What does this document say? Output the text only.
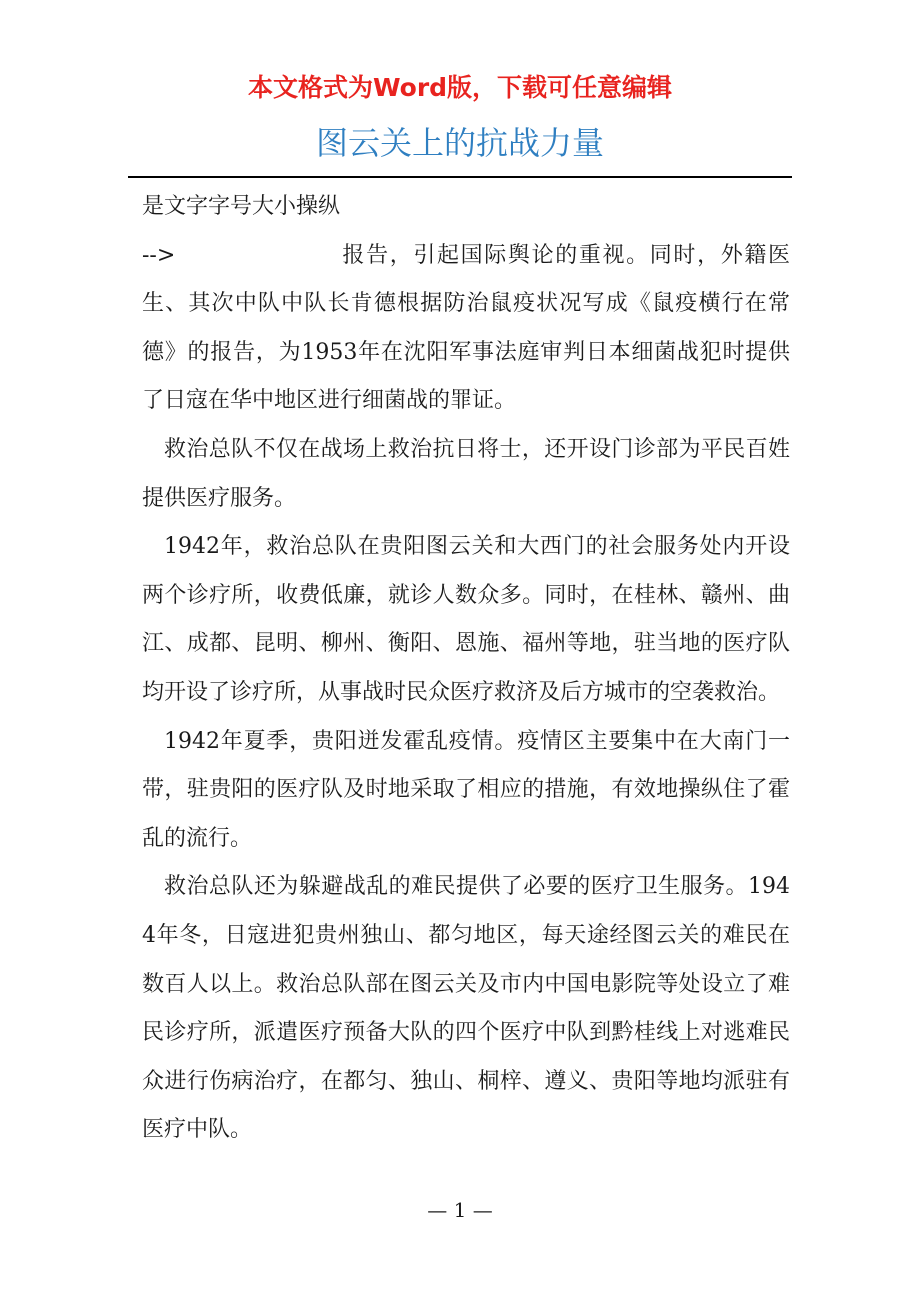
本文格式为Word版，下载可任意编辑
图云关上的抗战力量

是文字字号大小操纵

-->　　　　　　　报告，引起国际舆论的重视。同时，外籍医生、其次中队中队长肯德根据防治鼠疫状况写成《鼠疫横行在常德》的报告，为1953年在沈阳军事法庭审判日本细菌战犯时提供了日寇在华中地区进行细菌战的罪证。

救治总队不仅在战场上救治抗日将士，还开设门诊部为平民百姓提供医疗服务。

1942年，救治总队在贵阳图云关和大西门的社会服务处内开设两个诊疗所，收费低廉，就诊人数众多。同时，在桂林、赣州、曲江、成都、昆明、柳州、衡阳、恩施、福州等地，驻当地的医疗队均开设了诊疗所，从事战时民众医疗救济及后方城市的空袭救治。

1942年夏季，贵阳迸发霍乱疫情。疫情区主要集中在大南门一带，驻贵阳的医疗队及时地采取了相应的措施，有效地操纵住了霍乱的流行。

救治总队还为躲避战乱的难民提供了必要的医疗卫生服务。1944年冬，日寇进犯贵州独山、都匀地区，每天途经图云关的难民在数百人以上。救治总队部在图云关及市内中国电影院等处设立了难民诊疗所，派遣医疗预备大队的四个医疗中队到黔桂线上对逃难民众进行伤病治疗，在都匀、独山、桐梓、遵义、贵阳等地均派驻有医疗中队。

— 1 —
